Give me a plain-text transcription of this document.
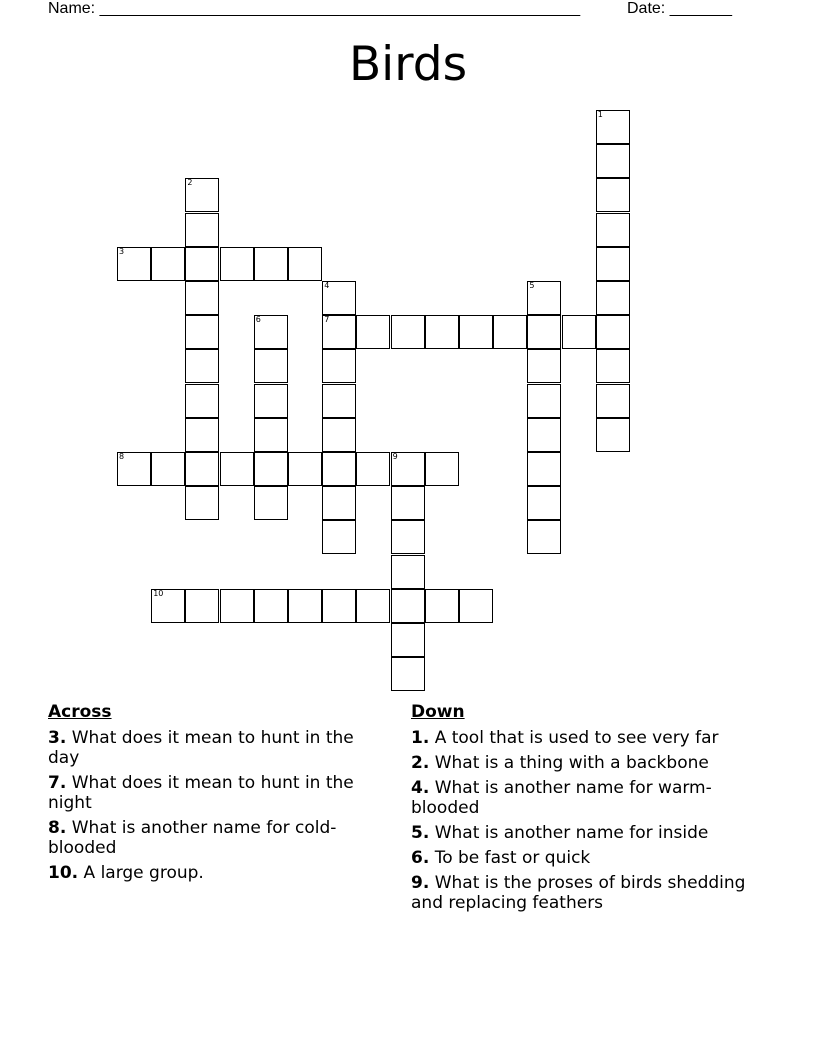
Name: ______________________________________________________	Date: _______
Birds
1
2
3
4
7
5
6
8	9
10
Across
3. What does it mean to hunt in the day
7. What does it mean to hunt in the night
8. What is another name for cold-blooded
10. A large group.
Down
1. A tool that is used to see very far
2. What is a thing with a backbone
4. What is another name for warm-blooded
5. What is another name for inside
6. To be fast or quick
9. What is the proses of birds shedding and replacing feathers
